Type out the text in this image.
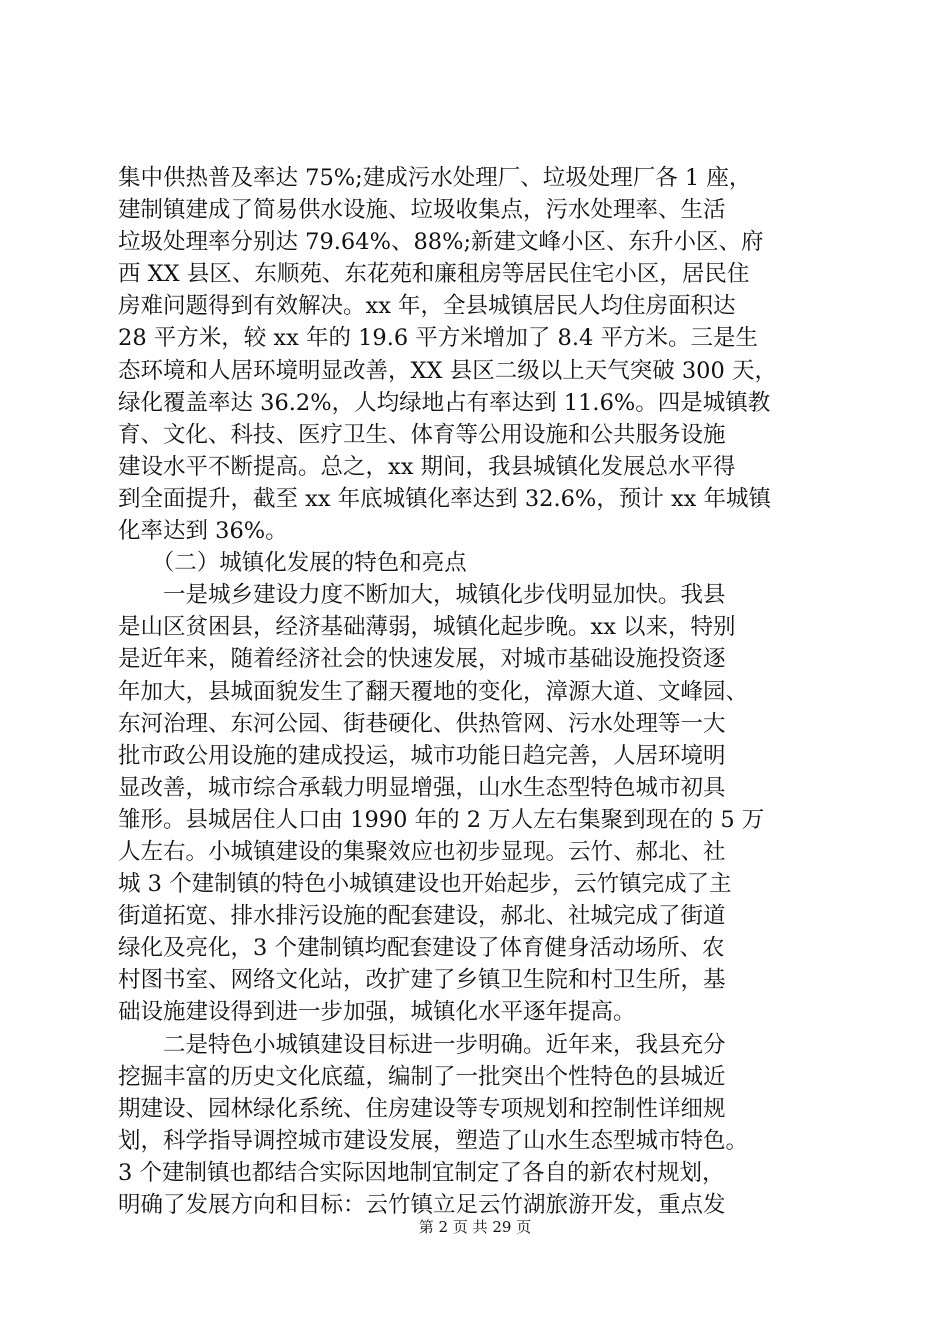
集中供热普及率达 75%;建成污水处理厂、垃圾处理厂各 1 座，
建制镇建成了简易供水设施、垃圾收集点，污水处理率、生活
垃圾处理率分别达 79.64%、88%;新建文峰小区、东升小区、府
西 XX 县区、东顺苑、东花苑和廉租房等居民住宅小区，居民住
房难问题得到有效解决。xx 年，全县城镇居民人均住房面积达
28 平方米，较 xx 年的 19.6 平方米增加了 8.4 平方米。三是生
态环境和人居环境明显改善，XX 县区二级以上天气突破 300 天，
绿化覆盖率达 36.2%，人均绿地占有率达到 11.6%。四是城镇教
育、文化、科技、医疗卫生、体育等公用设施和公共服务设施
建设水平不断提高。总之，xx 期间，我县城镇化发展总水平得
到全面提升，截至 xx 年底城镇化率达到 32.6%，预计 xx 年城镇
化率达到 36%。
　　（二）城镇化发展的特色和亮点
　　一是城乡建设力度不断加大，城镇化步伐明显加快。我县
是山区贫困县，经济基础薄弱，城镇化起步晚。xx 以来，特别
是近年来，随着经济社会的快速发展，对城市基础设施投资逐
年加大，县城面貌发生了翻天覆地的变化，漳源大道、文峰园、
东河治理、东河公园、街巷硬化、供热管网、污水处理等一大
批市政公用设施的建成投运，城市功能日趋完善，人居环境明
显改善，城市综合承载力明显增强，山水生态型特色城市初具
雏形。县城居住人口由 1990 年的 2 万人左右集聚到现在的 5 万
人左右。小城镇建设的集聚效应也初步显现。云竹、郝北、社
城 3 个建制镇的特色小城镇建设也开始起步，云竹镇完成了主
街道拓宽、排水排污设施的配套建设，郝北、社城完成了街道
绿化及亮化，3 个建制镇均配套建设了体育健身活动场所、农
村图书室、网络文化站，改扩建了乡镇卫生院和村卫生所，基
础设施建设得到进一步加强，城镇化水平逐年提高。
　　二是特色小城镇建设目标进一步明确。近年来，我县充分
挖掘丰富的历史文化底蕴，编制了一批突出个性特色的县城近
期建设、园林绿化系统、住房建设等专项规划和控制性详细规
划，科学指导调控城市建设发展，塑造了山水生态型城市特色。
3 个建制镇也都结合实际因地制宜制定了各自的新农村规划，
明确了发展方向和目标：云竹镇立足云竹湖旅游开发，重点发
第 2 页 共 29 页
